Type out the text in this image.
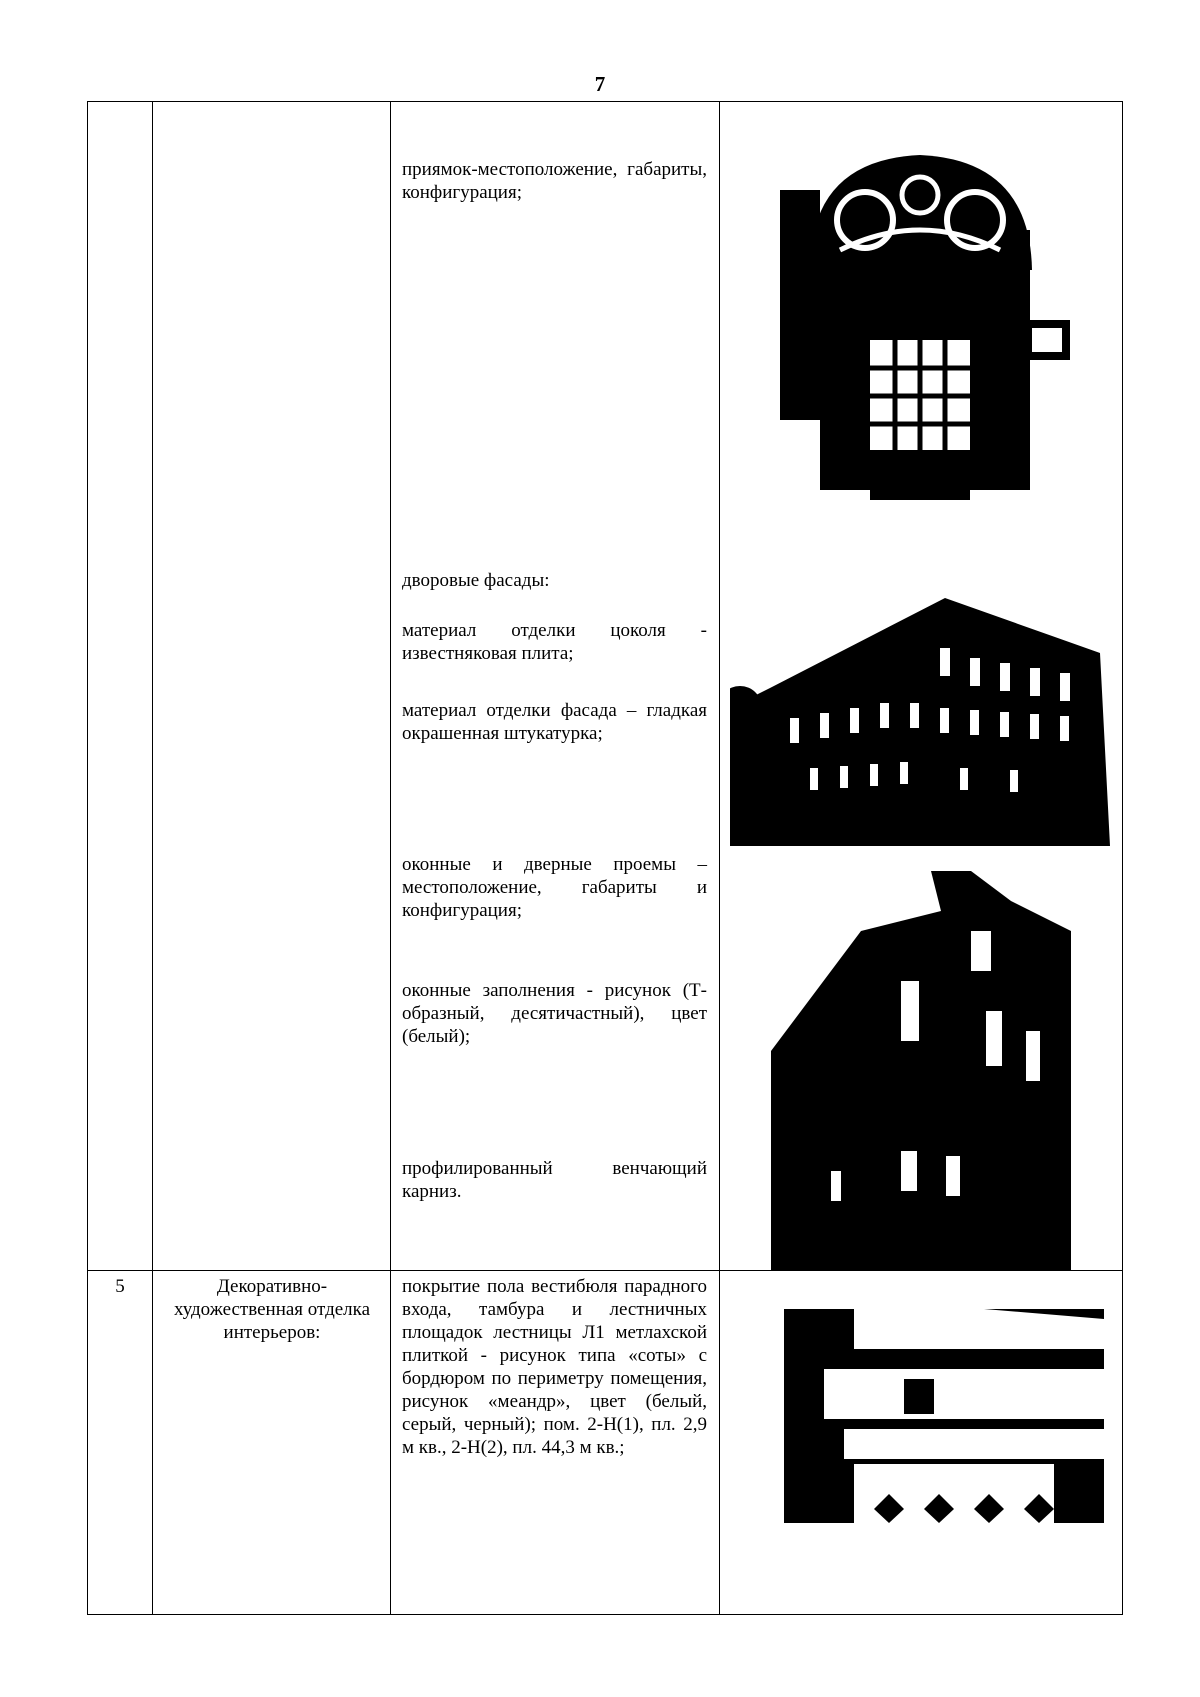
7
приямок-местоположение, габариты, конфигурация;
дворовые фасады:
материал отделки цоколя - известняковая плита;
материал отделки фасада – гладкая окрашенная штукатурка;
оконные и дверные проемы – местоположение, габариты и конфигурация;
оконные заполнения - рисунок (Т-образный, десятичастный), цвет (белый);
профилированный венчающий карниз.
5	Декоративно-художественная отделка интерьеров:
покрытие пола вестибюля парадного входа, тамбура и лестничных площадок лестницы Л1 метлахской плиткой - рисунок типа «соты» с бордюром по периметру помещения, рисунок «меандр», цвет (белый, серый, черный); пом. 2-Н(1), пл. 2,9 м кв., 2-Н(2), пл. 44,3 м кв.;
